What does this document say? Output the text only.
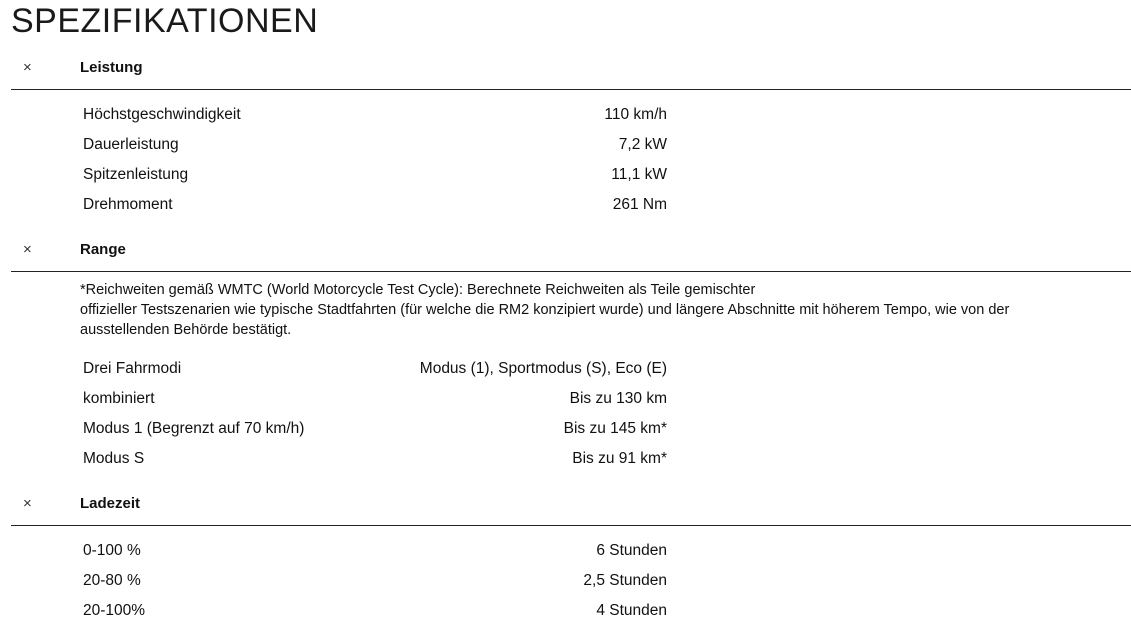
SPEZIFIKATIONEN
×	Leistung
Höchstgeschwindigkeit	110 km/h
Dauerleistung	7,2 kW
Spitzenleistung	11,1 kW
Drehmoment	261 Nm
×	Range

*Reichweiten gemäß WMTC (World Motorcycle Test Cycle): Berechnete Reichweiten als Teile gemischter

offizieller Testszenarien wie typische Stadtfahrten (für welche die RM2 konzipiert wurde) und längere Abschnitte mit höherem Tempo, wie von der

ausstellenden Behörde bestätigt.

Drei Fahrmodi	Modus (1), Sportmodus (S), Eco (E)
kombiniert	Bis zu 130 km
Modus 1 (Begrenzt auf 70 km/h)	Bis zu 145 km*
Modus S	Bis zu 91 km*
×	Ladezeit
0-100 %	6 Stunden
20-80 %	2,5 Stunden
20-100%	4 Stunden
